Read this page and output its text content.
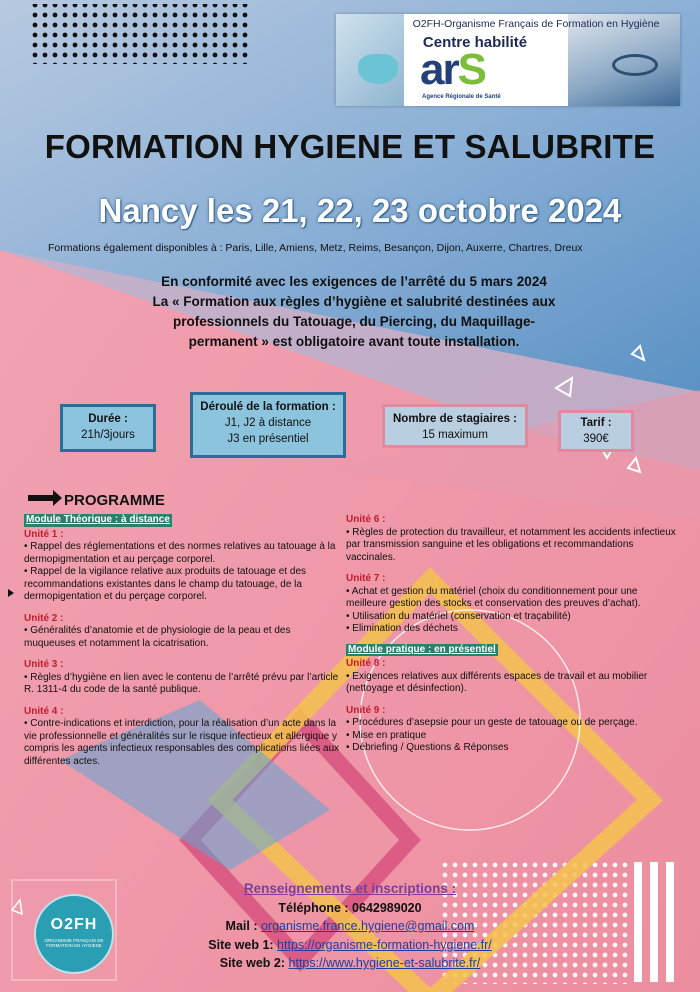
O2FH-Organisme Français de Formation en Hygiène
Centre habilité
arS
Agence Régionale de Santé
FORMATION HYGIENE ET SALUBRITE
Nancy les 21, 22, 23 octobre 2024
Formations également disponibles à : Paris, Lille, Amiens, Metz, Reims, Besançon, Dijon, Auxerre, Chartres, Dreux
En conformité avec les exigences de l’arrêté du 5 mars 2024
La « Formation aux règles d’hygiène et salubrité destinées aux
professionnels du Tatouage, du Piercing, du Maquillage-
permanent » est obligatoire avant toute installation.
Durée :
21h/3jours
Déroulé de la formation :
J1, J2 à distance
J3 en présentiel
Nombre de stagiaires :
15 maximum
Tarif :
390€
PROGRAMME
Module Théorique : à distance
Unité 1 :

• Rappel des réglementations et des normes relatives au tatouage à la dermopigmentation et au perçage corporel.

• Rappel de la vigilance relative aux produits de tatouage et des recommandations existantes dans le champ du tatouage, de la dermopigentation et du perçage corporel.

Unité 2 :

• Généralités d’anatomie et de physiologie de la peau et des muqueuses et notamment la cicatrisation.

Unité 3 :

• Règles d’hygiène en lien avec le contenu de l’arrêté prévu par l’article R. 1311-4 du code de la santé publique.

Unité 4 :

• Contre-indications et interdiction, pour la réalisation d’un acte dans la vie professionnelle et généralités sur le risque infectieux et allergique y compris les agents infectieux responsables des complications liées aux différentes actes.

Unité 6 :

• Règles de protection du travailleur, et notamment les accidents infectieux par transmission sanguine et les obligations et recommandations vaccinales.

Unité 7 :

• Achat et gestion du matériel (choix du conditionnement pour une meilleure gestion des stocks et conservation des preuves d’achat).

• Utilisation du matériel (conservation et traçabilité)

• Elimination des déchets

Module pratique : en présentiel
Unité 8 :

• Exigences relatives aux différents espaces de travail et au mobilier (nettoyage et désinfection).

Unité 9 :

• Procédures d’asepsie pour un geste de tatouage ou de perçage.

• Mise en pratique

• Débriefing / Questions & Réponses

Renseignements et inscriptions :
Téléphone : 0642989020
Mail : organisme.france.hygiene@gmail.com
Site web 1: https://organisme-formation-hygiene.fr/
Site web 2: https://www.hygiene-et-salubrite.fr/
O2FH
ORGANISME FRANÇAIS DE FORMATION EN HYGIENE
